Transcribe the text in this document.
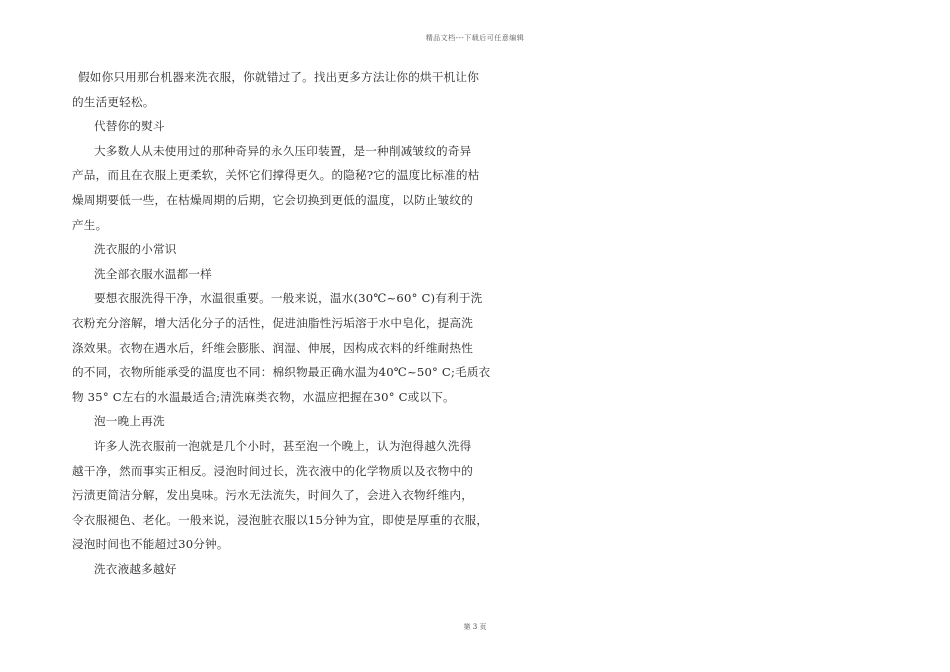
精品文档---下载后可任意编辑
假如你只用那台机器来洗衣服，你就错过了。找出更多方法让你的烘干机让你
的生活更轻松。
代替你的熨斗
大多数人从未使用过的那种奇异的永久压印装置，是一种削减皱纹的奇异
产品，而且在衣服上更柔软，关怀它们撑得更久。的隐秘?它的温度比标准的枯
燥周期要低一些，在枯燥周期的后期，它会切换到更低的温度，以防止皱纹的
产生。
洗衣服的小常识
洗全部衣服水温都一样
要想衣服洗得干净，水温很重要。一般来说，温水(30℃~60° C)有利于洗
衣粉充分溶解，增大活化分子的活性，促进油脂性污垢溶于水中皂化，提高洗
涤效果。衣物在遇水后，纤维会膨胀、润湿、伸展，因构成衣料的纤维耐热性
的不同，衣物所能承受的温度也不同：棉织物最正确水温为40℃~50° C;毛质衣
物 35° C左右的水温最适合;清洗麻类衣物，水温应把握在30° C或以下。
泡一晚上再洗
许多人洗衣服前一泡就是几个小时，甚至泡一个晚上，认为泡得越久洗得
越干净，然而事实正相反。浸泡时间过长，洗衣液中的化学物质以及衣物中的
污渍更简洁分解，发出臭味。污水无法流失，时间久了，会进入衣物纤维内，
令衣服褪色、老化。一般来说，浸泡脏衣服以15分钟为宜，即使是厚重的衣服，
浸泡时间也不能超过30分钟。
洗衣液越多越好
第 3 页
